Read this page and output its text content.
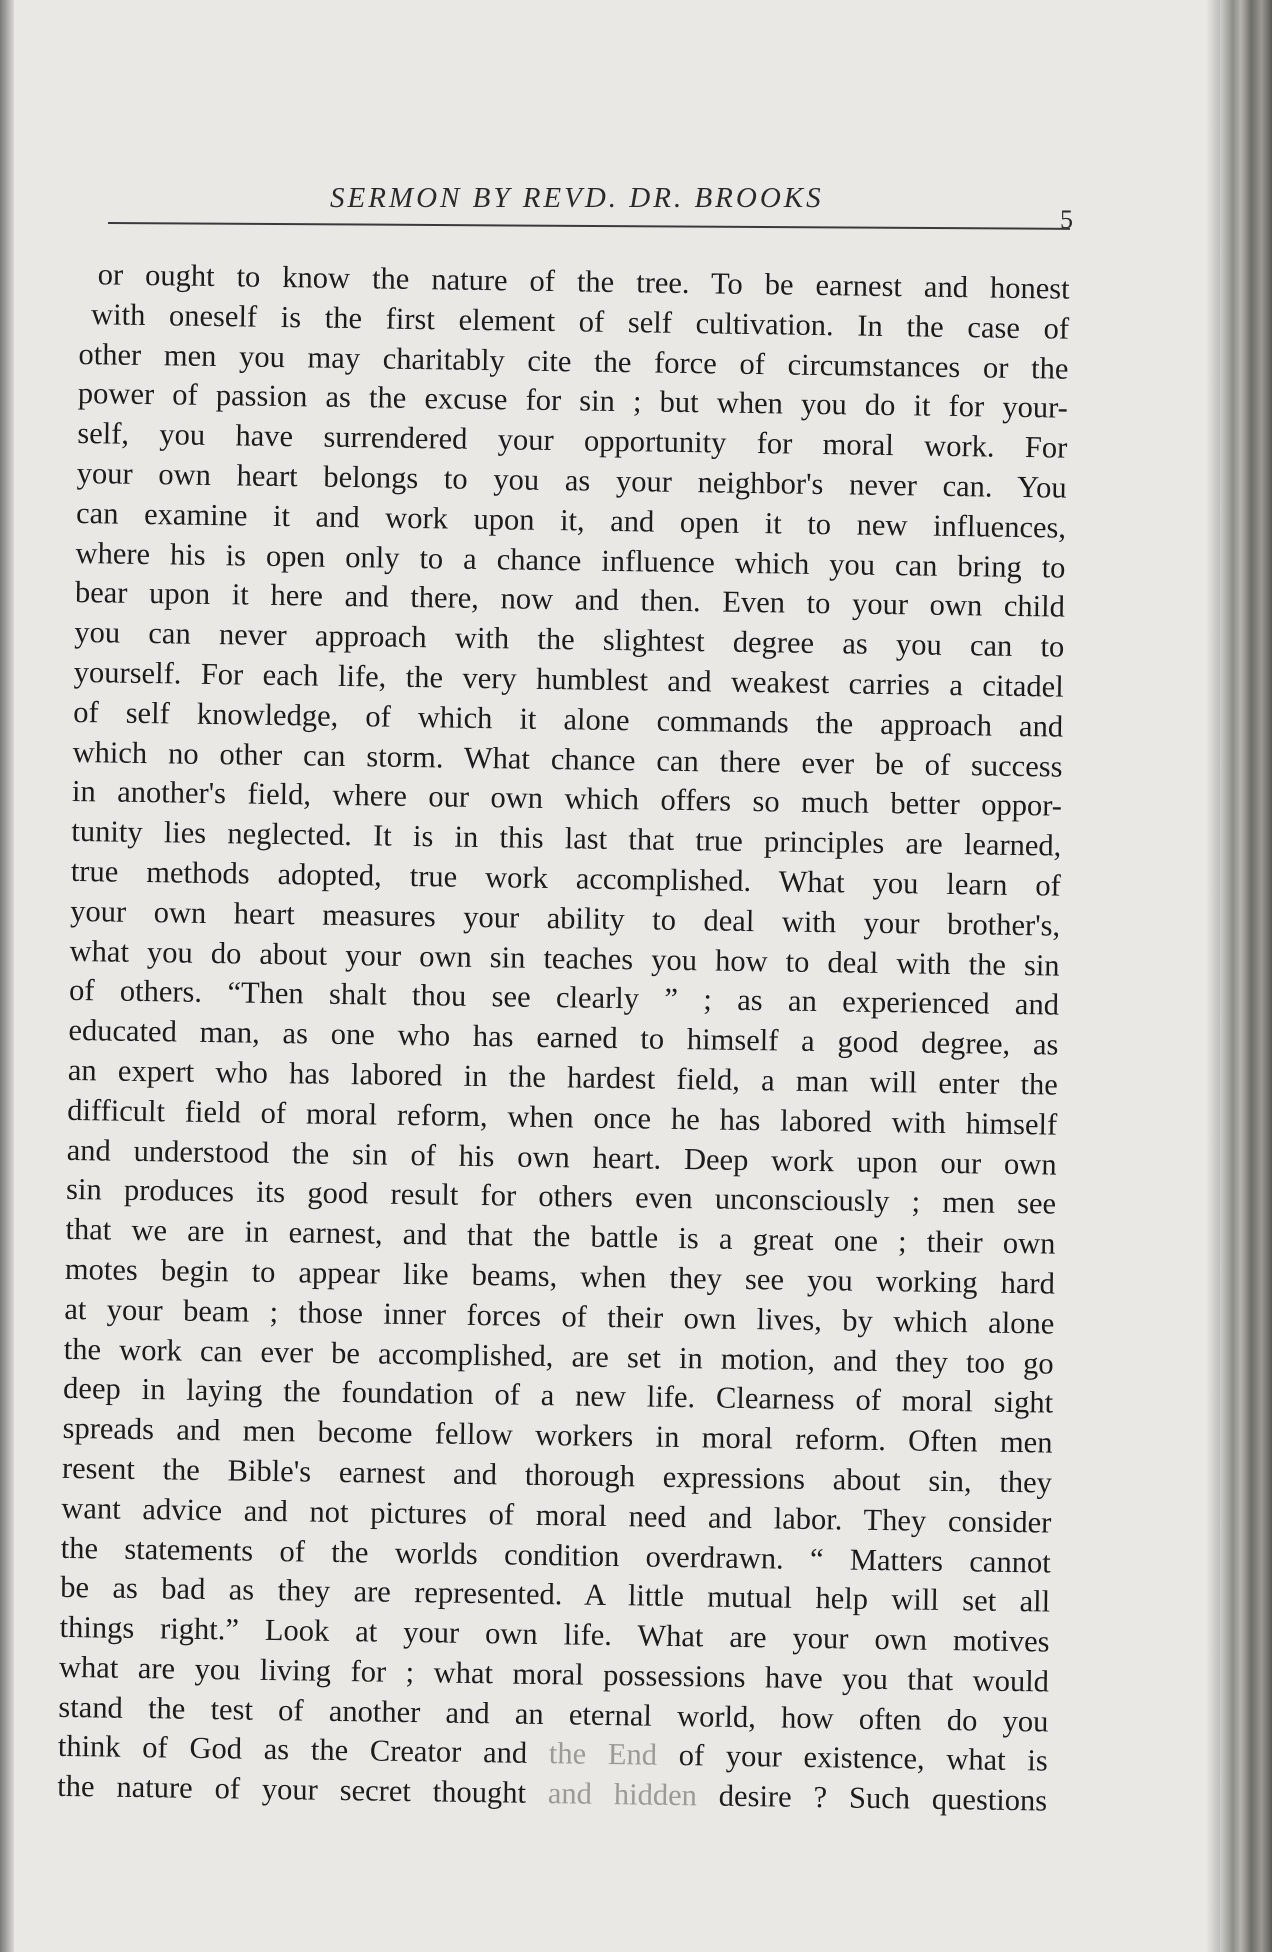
SERMON BY REVD. DR. BROOKS
5
or ought to know the nature of the tree. To be earnest and honest
with oneself is the first element of self cultivation. In the case of
other men you may charitably cite the force of circumstances or the
power of passion as the excuse for sin ; but when you do it for your-
self, you have surrendered your opportunity for moral work. For
your own heart belongs to you as your neighbor's never can. You
can examine it and work upon it, and open it to new influences,
where his is open only to a chance influence which you can bring to
bear upon it here and there, now and then. Even to your own child
you can never approach with the slightest degree as you can to
yourself. For each life, the very humblest and weakest carries a citadel
of self knowledge, of which it alone commands the approach and
which no other can storm. What chance can there ever be of success
in another's field, where our own which offers so much better oppor-
tunity lies neglected. It is in this last that true principles are learned,
true methods adopted, true work accomplished. What you learn of
your own heart measures your ability to deal with your brother's,
what you do about your own sin teaches you how to deal with the sin
of others. “Then shalt thou see clearly ” ; as an experienced and
educated man, as one who has earned to himself a good degree, as
an expert who has labored in the hardest field, a man will enter the
difficult field of moral reform, when once he has labored with himself
and understood the sin of his own heart. Deep work upon our own
sin produces its good result for others even unconsciously ; men see
that we are in earnest, and that the battle is a great one ; their own
motes begin to appear like beams, when they see you working hard
at your beam ; those inner forces of their own lives, by which alone
the work can ever be accomplished, are set in motion, and they too go
deep in laying the foundation of a new life. Clearness of moral sight
spreads and men become fellow workers in moral reform. Often men
resent the Bible's earnest and thorough expressions about sin, they
want advice and not pictures of moral need and labor. They consider
the statements of the worlds condition overdrawn. “ Matters cannot
be as bad as they are represented. A little mutual help will set all
things right.” Look at your own life. What are your own motives
what are you living for ; what moral possessions have you that would
stand the test of another and an eternal world, how often do you
think of God as the Creator and the End of your existence, what is
the nature of your secret thought and hidden desire ? Such questions
